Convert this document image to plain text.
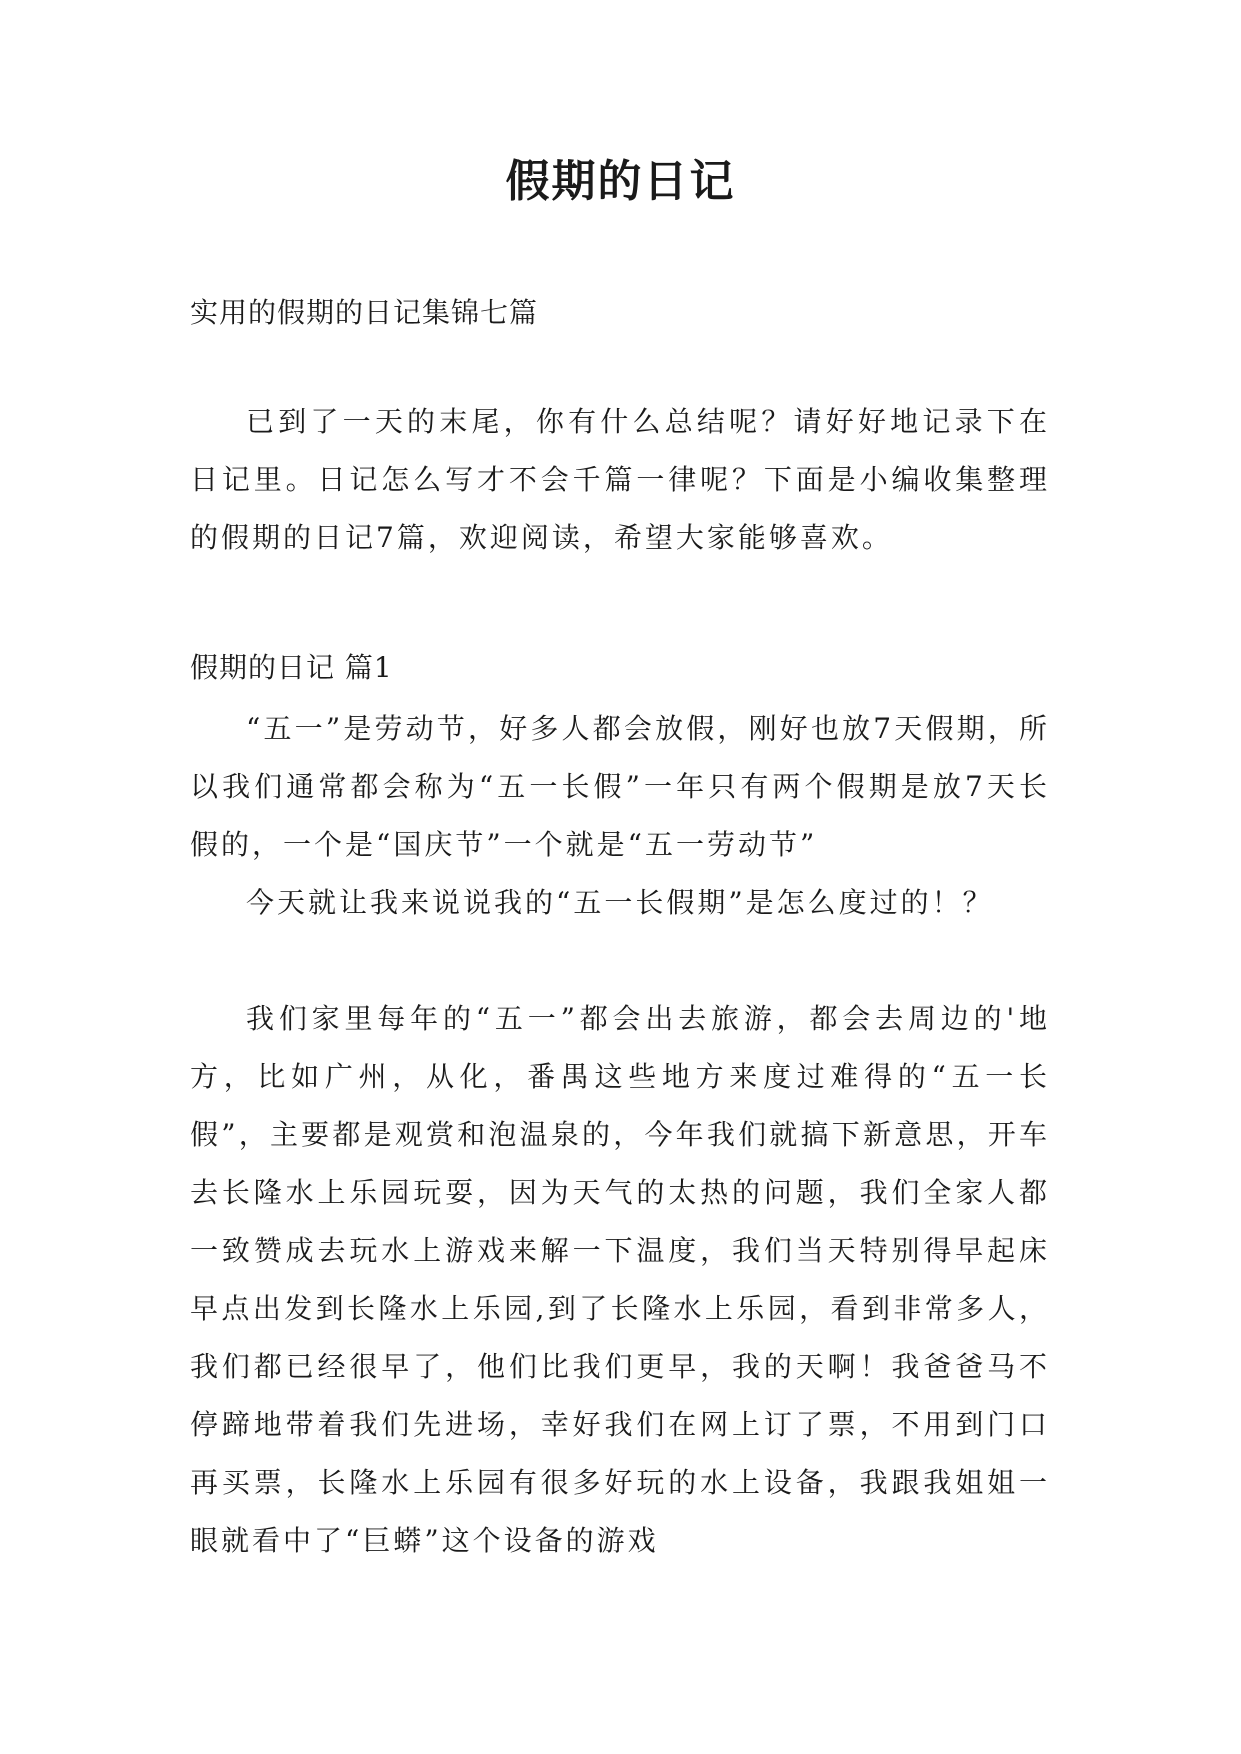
假期的日记

实用的假期的日记集锦七篇

已到了一天的末尾，你有什么总结呢？请好好地记录下在日记里。日记怎么写才不会千篇一律呢？下面是小编收集整理的假期的日记7篇，欢迎阅读，希望大家能够喜欢。

假期的日记 篇1

“五一”是劳动节，好多人都会放假，刚好也放7天假期，所以我们通常都会称为“五一长假”一年只有两个假期是放7天长假的，一个是“国庆节”一个就是“五一劳动节”

今天就让我来说说我的“五一长假期”是怎么度过的！？

我们家里每年的“五一”都会出去旅游，都会去周边的'地方，比如广州，从化，番禺这些地方来度过难得的“五一长假”，主要都是观赏和泡温泉的，今年我们就搞下新意思，开车去长隆水上乐园玩耍，因为天气的太热的问题，我们全家人都一致赞成去玩水上游戏来解一下温度，我们当天特别得早起床早点出发到长隆水上乐园,到了长隆水上乐园，看到非常多人，我们都已经很早了，他们比我们更早，我的天啊！我爸爸马不停蹄地带着我们先进场，幸好我们在网上订了票，不用到门口再买票，长隆水上乐园有很多好玩的水上设备，我跟我姐姐一眼就看中了“巨蟒”这个设备的游戏
